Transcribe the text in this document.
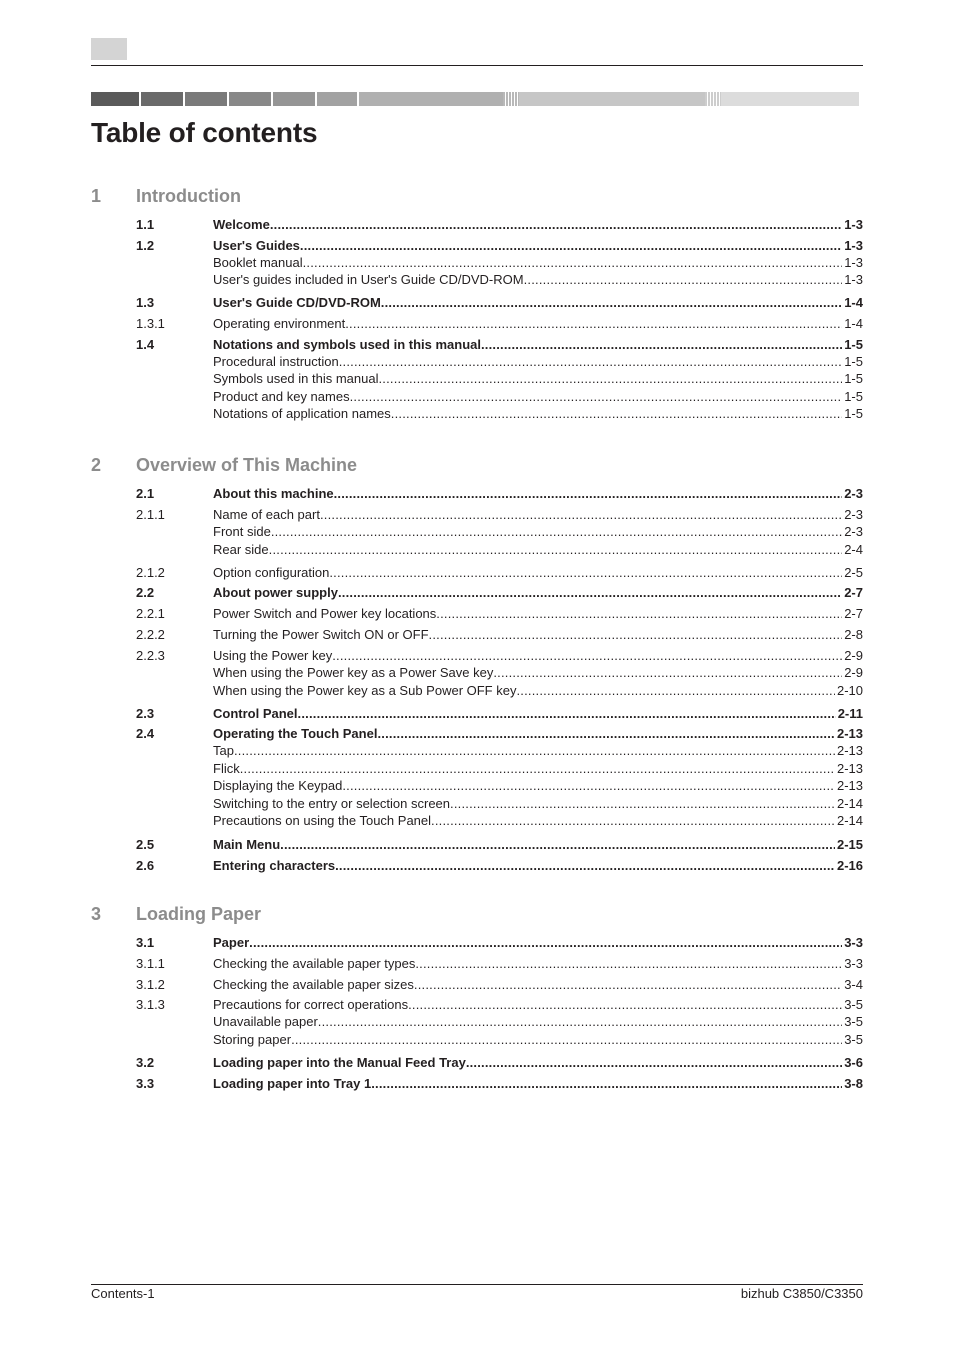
Table of contents
1 Introduction
2 Overview of This Machine
3 Loading Paper
1.1	Welcome .....	1-3
1.2	User's Guides .....	1-3
Booklet manual .....	1-3
User's guides included in User's Guide CD/DVD-ROM .....	1-3
1.3	User's Guide CD/DVD-ROM .....	1-4
1.3.1	Operating environment .....	1-4
1.4	Notations and symbols used in this manual .....	1-5
Procedural instruction .....	1-5
Symbols used in this manual .....	1-5
Product and key names .....	1-5
Notations of application names .....	1-5
2.1	About this machine .....	2-3
2.1.1	Name of each part .....	2-3
Front side .....	2-3
Rear side .....	2-4
2.1.2	Option configuration .....	2-5
2.2	About power supply .....	2-7
2.2.1	Power Switch and Power key locations .....	2-7
2.2.2	Turning the Power Switch ON or OFF .....	2-8
2.2.3	Using the Power key .....	2-9
When using the Power key as a Power Save key .....	2-9
When using the Power key as a Sub Power OFF key .....	2-10
2.3	Control Panel .....	2-11
2.4	Operating the Touch Panel .....	2-13
Tap .....	2-13
Flick .....	2-13
Displaying the Keypad .....	2-13
Switching to the entry or selection screen .....	2-14
Precautions on using the Touch Panel .....	2-14
2.5	Main Menu .....	2-15
2.6	Entering characters .....	2-16
3.1	Paper .....	3-3
3.1.1	Checking the available paper types .....	3-3
3.1.2	Checking the available paper sizes .....	3-4
3.1.3	Precautions for correct operations .....	3-5
Unavailable paper .....	3-5
Storing paper .....	3-5
3.2	Loading paper into the Manual Feed Tray .....	3-6
3.3	Loading paper into Tray 1 .....	3-8
Contents-1	bizhub C3850/C3350
